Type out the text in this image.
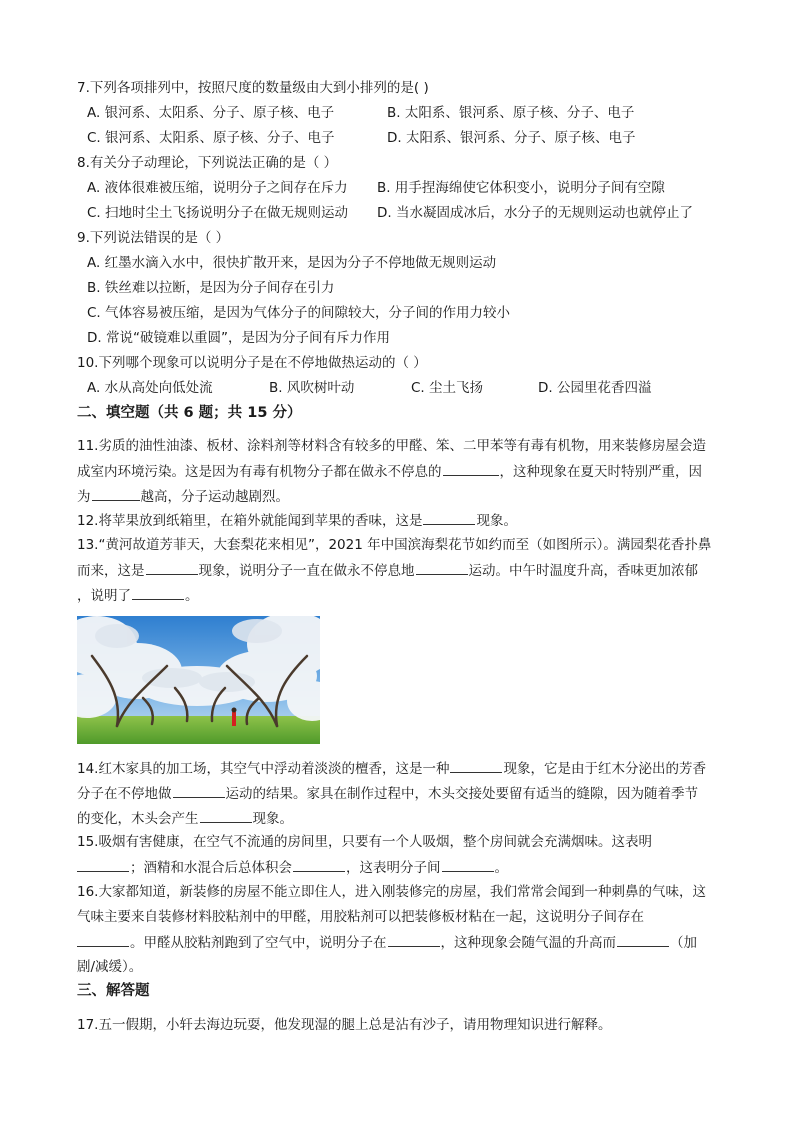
7.下列各项排列中，按照尺度的数量级由大到小排列的是( )
A. 银河系、太阳系、分子、原子核、电子	B. 太阳系、银河系、原子核、分子、电子
C. 银河系、太阳系、原子核、分子、电子	D. 太阳系、银河系、分子、原子核、电子
8.有关分子动理论，下列说法正确的是（ ）
A. 液体很难被压缩，说明分子之间存在斥力 B. 用手捏海绵使它体积变小，说明分子间有空隙
C. 扫地时尘土飞扬说明分子在做无规则运动 D. 当水凝固成冰后，水分子的无规则运动也就停止了
9.下列说法错误的是（ ）
A. 红墨水滴入水中，很快扩散开来，是因为分子不停地做无规则运动
B. 铁丝难以拉断，是因为分子间存在引力
C. 气体容易被压缩，是因为气体分子的间隙较大，分子间的作用力较小
D. 常说“破镜难以重圆”，是因为分子间有斥力作用
10.下列哪个现象可以说明分子是在不停地做热运动的（ ）
A. 水从高处向低处流	B. 风吹树叶动	C. 尘土飞扬	D. 公园里花香四溢
二、填空题（共 6 题；共 15 分）
11.劣质的油性油漆、板材、涂料剂等材料含有较多的甲醛、笨、二甲苯等有毒有机物，用来装修房屋会造
成室内环境污染。这是因为有毒有机物分子都在做永不停息的	，这种现象在夏天时特别严重，因
为	越高，分子运动越剧烈。
12.将苹果放到纸箱里，在箱外就能闻到苹果的香味，这是	现象。
13.“黄河故道芳菲天，大套梨花来相见”，2021 年中国滨海梨花节如约而至（如图所示）。满园梨花香扑鼻
而来，这是	现象，说明分子一直在做永不停息地	运动。中午时温度升高，香味更加浓郁
，说明了	。
14.红木家具的加工场，其空气中浮动着淡淡的檀香，这是一种	现象，它是由于红木分泌出的芳香
分子在不停地做	运动的结果。家具在制作过程中，木头交接处要留有适当的缝隙，因为随着季节
的变化，木头会产生	现象。
15.吸烟有害健康，在空气不流通的房间里，只要有一个人吸烟，整个房间就会充满烟味。这表明
；酒精和水混合后总体积会	，这表明分子间	。
16.大家都知道，新装修的房屋不能立即住人，进入刚装修完的房屋，我们常常会闻到一种刺鼻的气味，这
气味主要来自装修材料胶粘剂中的甲醛，用胶粘剂可以把装修板材粘在一起，这说明分子间存在
。甲醛从胶粘剂跑到了空气中，说明分子在	，这种现象会随气温的升高而	（加
剧/减缓）。
三、解答题
17.五一假期，小轩去海边玩耍，他发现湿的腿上总是沾有沙子，请用物理知识进行解释。
